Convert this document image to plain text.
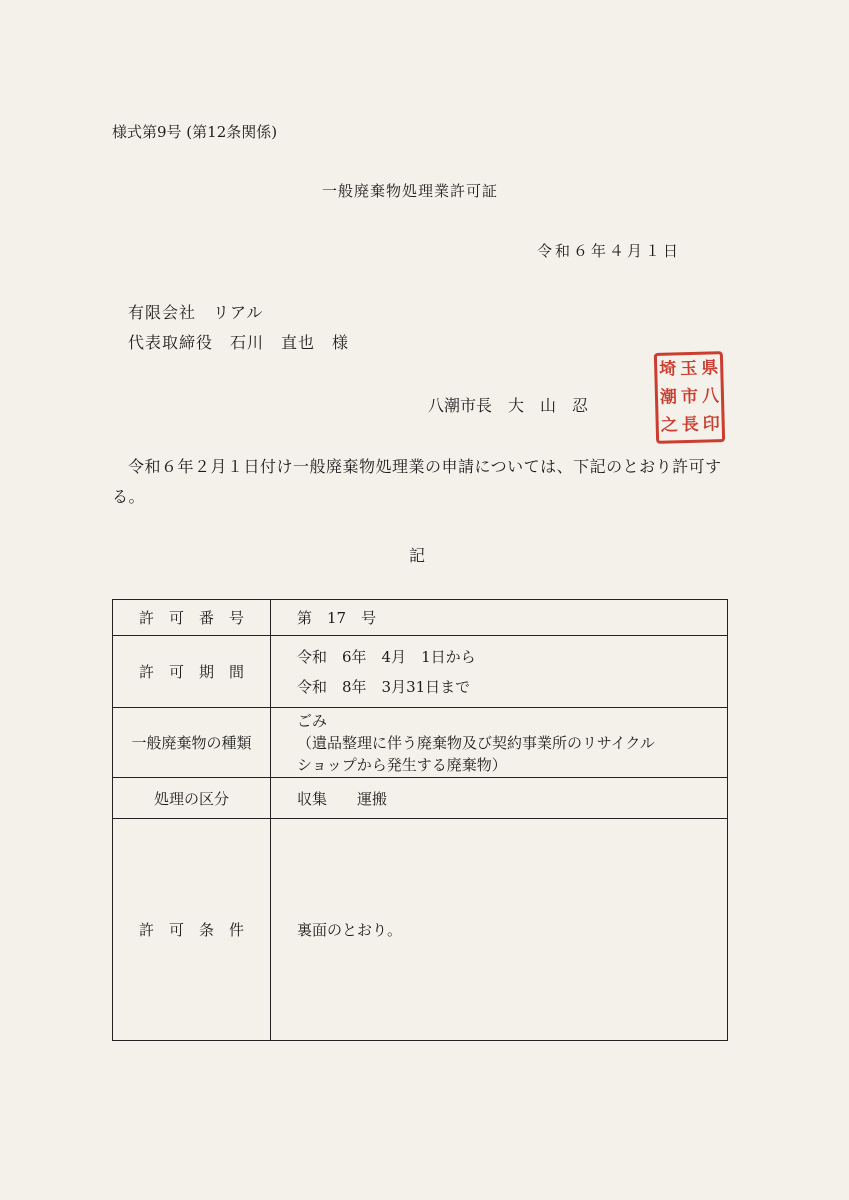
様式第9号 (第12条関係)
一般廃棄物処理業許可証
令和６年４月１日
有限会社　リアル
代表取締役　石川　直也　様
八潮市長　大　山　忍
埼 玉 県
潮 市 八
之 長 印
令和６年２月１日付け一般廃棄物処理業の申請については、下記のとおり許可する。
記
許　可　番　号	第　17　号
許　可　期　間	令和　6年　4月　1日から
令和　8年　3月31日まで

一般廃棄物の種類	ごみ
（遺品整理に伴う廃棄物及び契約事業所のリサイクル
ショップから発生する廃棄物）

処理の区分	収集　　運搬
許　可　条　件	裏面のとおり。
